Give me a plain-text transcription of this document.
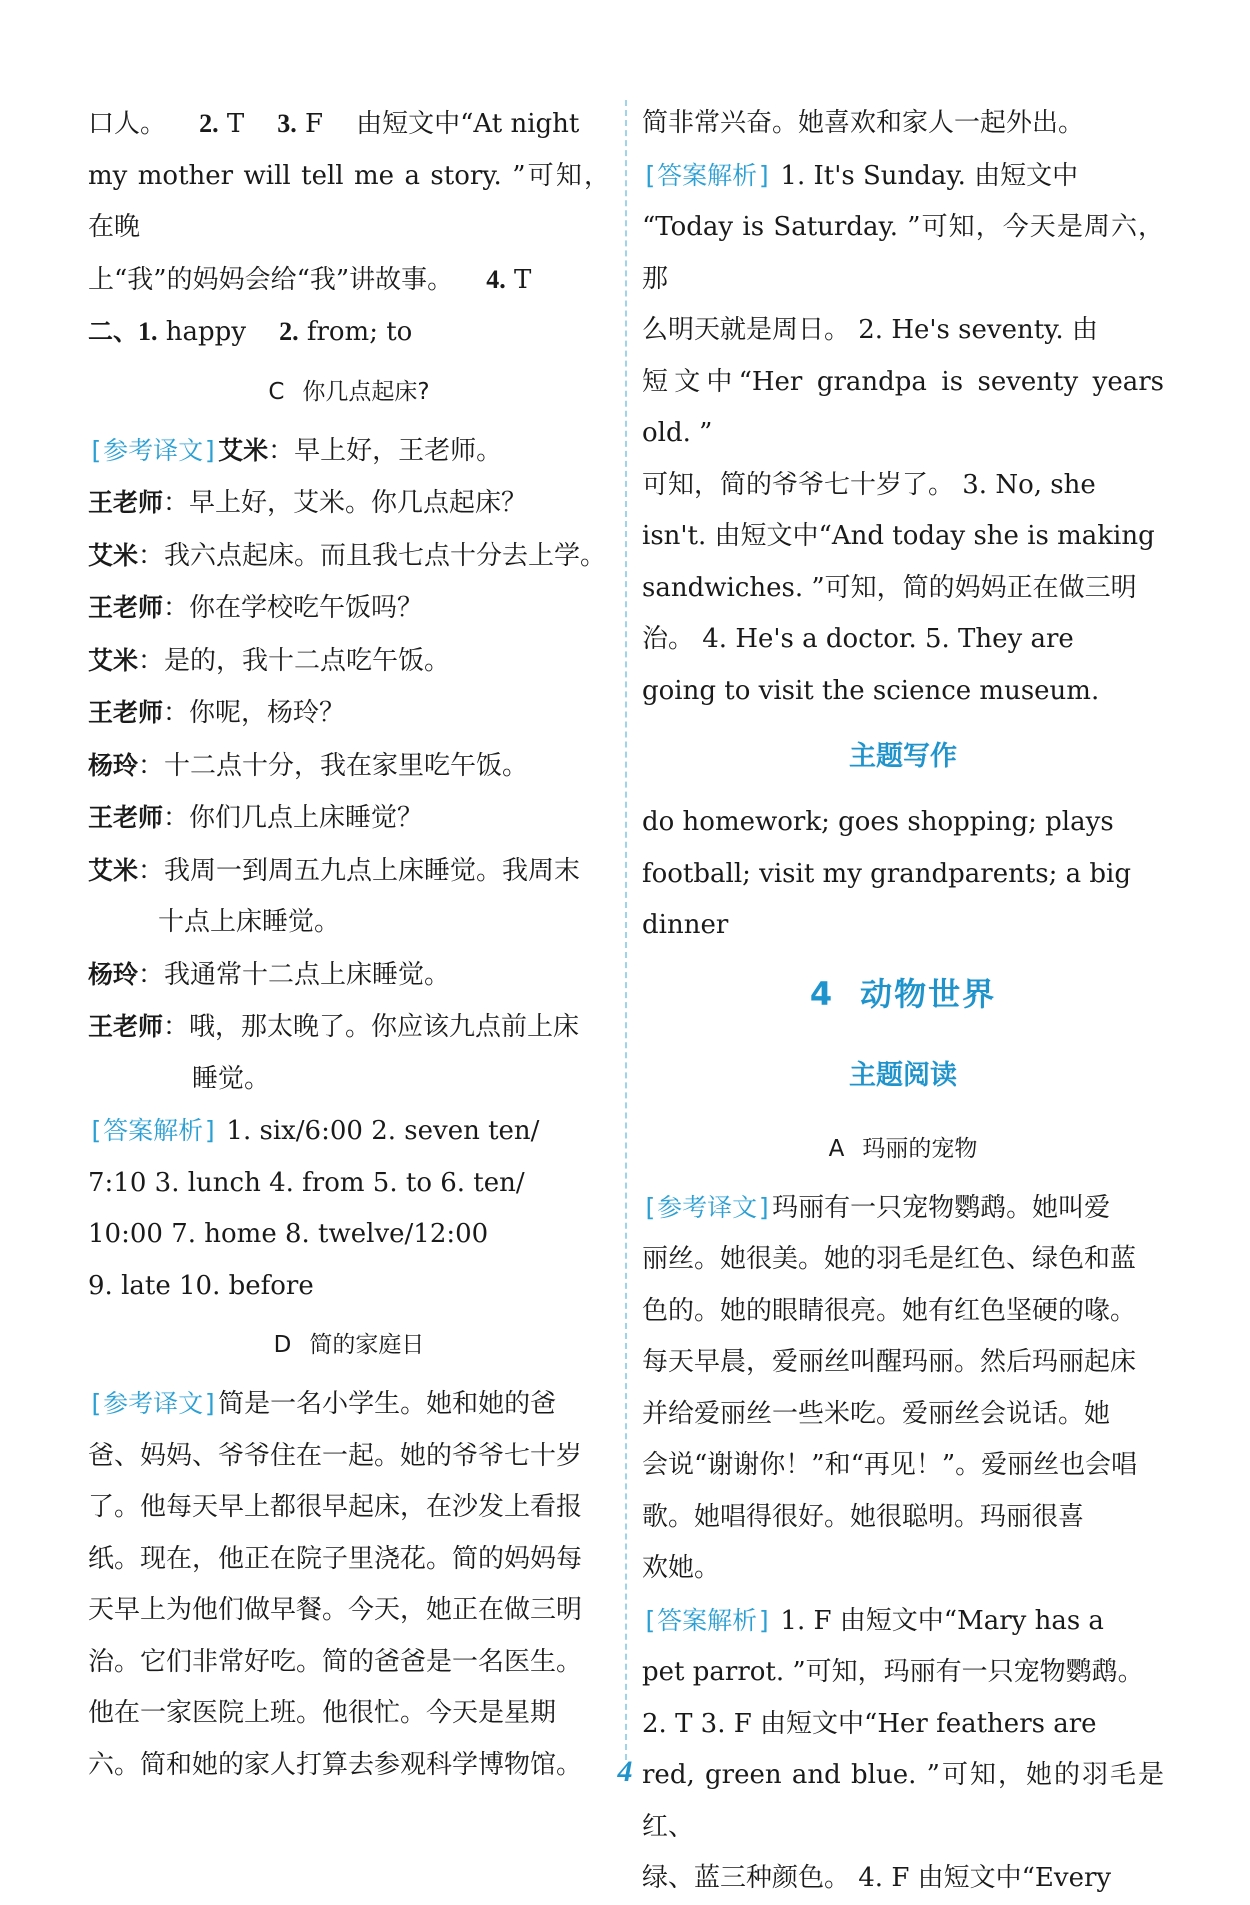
口人。 2. T 3. F 由短文中“At night

my mother will tell me a story. ”可知，在晚

上“我”的妈妈会给“我”讲故事。 4. T

二、1. happy 2. from; to

C 你几点起床?

[参考译文]艾米：早上好，王老师。

王老师：早上好，艾米。你几点起床？

艾米：我六点起床。而且我七点十分去上学。

王老师：你在学校吃午饭吗？

艾米：是的，我十二点吃午饭。

王老师：你呢，杨玲？

杨玲：十二点十分，我在家里吃午饭。

王老师：你们几点上床睡觉？

艾米：我周一到周五九点上床睡觉。我周末

十点上床睡觉。

杨玲：我通常十二点上床睡觉。

王老师：哦，那太晚了。你应该九点前上床

睡觉。

[答案解析] 1. six/6:00 2. seven ten/

7:10 3. lunch 4. from 5. to 6. ten/

10:00 7. home 8. twelve/12:00

9. late 10. before

D 简的家庭日

[参考译文]简是一名小学生。她和她的爸

爸、妈妈、爷爷住在一起。她的爷爷七十岁

了。他每天早上都很早起床，在沙发上看报

纸。现在，他正在院子里浇花。简的妈妈每

天早上为他们做早餐。今天，她正在做三明

治。它们非常好吃。简的爸爸是一名医生。

他在一家医院上班。他很忙。今天是星期

六。简和她的家人打算去参观科学博物馆。

简非常兴奋。她喜欢和家人一起外出。

[答案解析] 1. It's Sunday. 由短文中

“Today is Saturday. ”可知，今天是周六，那

么明天就是周日。 2. He's seventy. 由

短文中“Her grandpa is seventy years old. ”

可知，简的爷爷七十岁了。 3. No, she

isn't. 由短文中“And today she is making

sandwiches. ”可知，简的妈妈正在做三明

治。 4. He's a doctor. 5. They are

going to visit the science museum.

主题写作

do homework; goes shopping; plays

football; visit my grandparents; a big

dinner

4 动物世界
主题阅读
A 玛丽的宠物

[参考译文]玛丽有一只宠物鹦鹉。她叫爱

丽丝。她很美。她的羽毛是红色、绿色和蓝

色的。她的眼睛很亮。她有红色坚硬的喙。

每天早晨，爱丽丝叫醒玛丽。然后玛丽起床

并给爱丽丝一些米吃。爱丽丝会说话。她

会说“谢谢你！”和“再见！”。爱丽丝也会唱

歌。她唱得很好。她很聪明。玛丽很喜

欢她。

[答案解析] 1. F 由短文中“Mary has a

pet parrot. ”可知，玛丽有一只宠物鹦鹉。

2. T 3. F 由短文中“Her feathers are

red, green and blue. ”可知，她的羽毛是红、

绿、蓝三种颜色。 4. F 由短文中“Every

4
